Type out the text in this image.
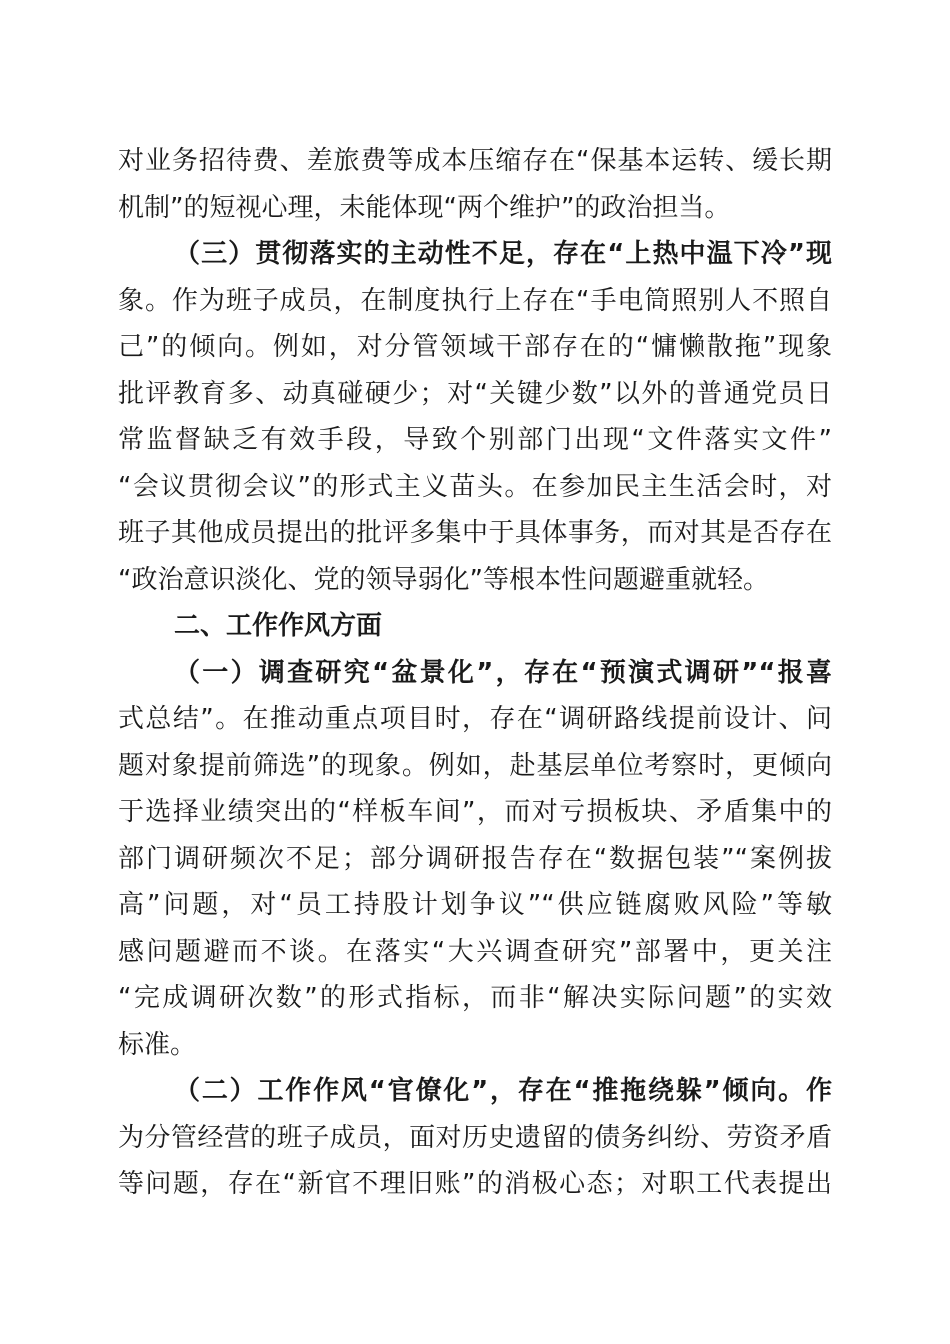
对业务招待费、差旅费等成本压缩存在“保基本运转、缓长期
机制”的短视心理，未能体现“两个维护”的政治担当。
（三）贯彻落实的主动性不足，存在“上热中温下冷”现
象。作为班子成员，在制度执行上存在“手电筒照别人不照自
己”的倾向。例如，对分管领域干部存在的“慵懒散拖”现象
批评教育多、动真碰硬少；对“关键少数”以外的普通党员日
常监督缺乏有效手段，导致个别部门出现“文件落实文件”
“会议贯彻会议”的形式主义苗头。在参加民主生活会时，对
班子其他成员提出的批评多集中于具体事务，而对其是否存在
“政治意识淡化、党的领导弱化”等根本性问题避重就轻。
二、工作作风方面
（一）调查研究“盆景化”，存在“预演式调研”“报喜
式总结”。在推动重点项目时，存在“调研路线提前设计、问
题对象提前筛选”的现象。例如，赴基层单位考察时，更倾向
于选择业绩突出的“样板车间”，而对亏损板块、矛盾集中的
部门调研频次不足；部分调研报告存在“数据包装”“案例拔
高”问题，对“员工持股计划争议”“供应链腐败风险”等敏
感问题避而不谈。在落实“大兴调查研究”部署中，更关注
“完成调研次数”的形式指标，而非“解决实际问题”的实效
标准。
（二）工作作风“官僚化”，存在“推拖绕躲”倾向。作
为分管经营的班子成员，面对历史遗留的债务纠纷、劳资矛盾
等问题，存在“新官不理旧账”的消极心态；对职工代表提出
